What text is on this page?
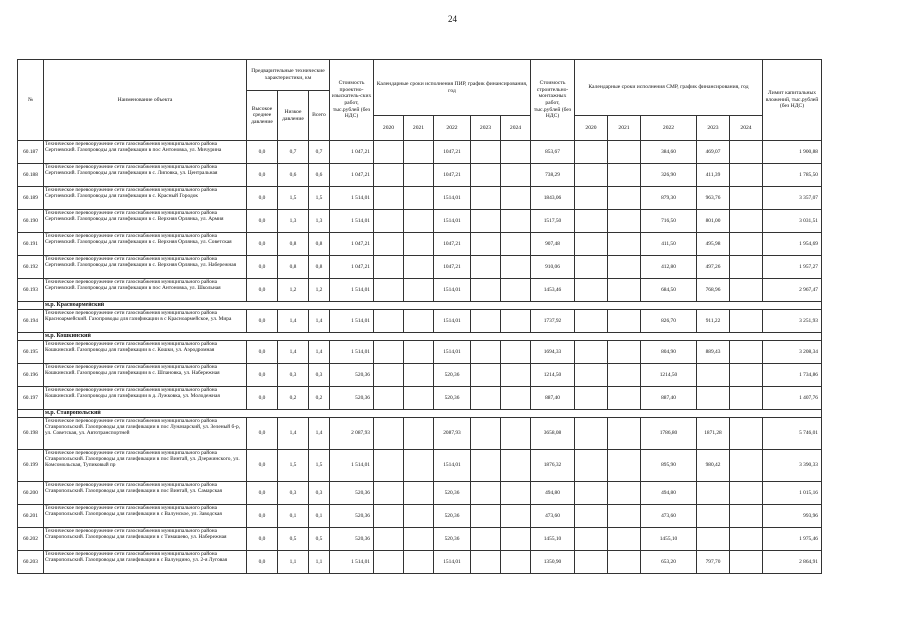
24
№	Наименование объекта	Предварительные технические характеристики, км			Стоимость проектно-изыскатель-ских работ, тыс.рублей (без НДС)	Календарные сроки исполнения ПИР, график финансирования, год					Стоимость строительно-монтажных работ, тыс.рублей (без НДС)	Календарные сроки исполнения СМР, график финансирования, год					Лимит капитальных вложений, тыс.рублей (без НДС)
		Высокое среднее давление	Низкое давление	Всего													
						2020	2021	2022	2023	2024		2020	2021	2022	2023	2024	
60.187	Техническое перевооружение сети газоснабжения муниципального района Сергиевский. Газопроводы для газификации в пос Антоновка, ул. Мичурина	0,0	0,7	0,7	1 047,21			1047,21			853,67			384,60	469,07		1 900,88
60.188	Техническое перевооружение сети газоснабжения муниципального района Сергиевский. Газопроводы для газификации в с. Липовка, ул. Центральная	0,0	0,6	0,6	1 047,21			1047,21			738,29			326,90	411,39		1 785,50
60.189	Техническое перевооружение сети газоснабжения муниципального района Сергиевский. Газопроводы для газификации в с. Красный Городок	0,0	1,5	1,5	1 514,01			1514,01			1843,06			879,30	963,76		3 357,07
60.190	Техническое перевооружение сети газоснабжения муниципального района Сергиевский. Газопроводы для газификации в с. Верхняя Орлянка, ул. Армия	0,0	1,3	1,3	1 514,01			1514,01			1517,50			716,50	801,00		3 031,51
60.191	Техническое перевооружение сети газоснабжения муниципального района Сергиевский. Газопроводы для газификации в с. Верхняя Орлянка, ул. Советская	0,0	0,8	0,8	1 047,21			1047,21			907,48			411,50	495,98		1 954,69
60.192	Техническое перевооружение сети газоснабжения муниципального района Сергиевский. Газопроводы для газификации в с. Верхняя Орлянка, ул. Набережная	0,0	0,8	0,8	1 047,21			1047,21			910,06			412,80	497,26		1 957,27
60.193	Техническое перевооружение сети газоснабжения муниципального района Сергиевский. Газопроводы для газификации в пос Антоновка, ул. Школьная	0,0	1,2	1,2	1 514,01			1514,01			1453,46			684,50	768,96		2 967,47
	м.р. Красноармейский																
60.194	Техническое перевооружение сети газоснабжения муниципального района Красноармейский. Газопроводы для газификации в с Красноармейское, ул. Мира	0,0	1,4	1,4	1 514,01			1514,01			1737,92			826,70	911,22		3 251,93
	м.р. Кошкинский																
60.195	Техническое перевооружение сети газоснабжения муниципального района Кошкинский. Газопроводы для газификации в с. Кошки, ул. Аэродромная	0,0	1,4	1,4	1 514,01			1514,01			1694,33			804,90	889,43		3 208,34
60.196	Техническое перевооружение сети газоснабжения муниципального района Кошкинский. Газопроводы для газификации в с. Шпановка, ул. Набережная	0,0	0,3	0,3	520,36			520,36			1214,50			1214,50			1 734,86
60.197	Техническое перевооружение сети газоснабжения муниципального района Кошкинский. Газопроводы для газификации в д. Лужковка, ул. Молодежная	0,0	0,2	0,2	520,36			520,36			887,40			887,40			1 407,76
	м.р. Ставропольский																
60.198	Техническое перевооружение сети газоснабжения муниципального района Ставропольский. Газопроводы для газификации в пос Луначарский, ул. Зеленый б-р, ул. Советская, ул. Автотранспортней	0,0	1,4	1,4	2 087,93			2087,93			3658,08			1786,80	1871,28		5 746,01
60.199	Техническое перевооружение сети газоснабжения муниципального района Ставропольский. Газопроводы для газификации в пос Винтай, ул. Дзержинского, ул. Комсомольская, Тупиковый пр	0,0	1,5	1,5	1 514,01			1514,01			1876,32			895,90	980,42		3 390,33
60.200	Техническое перевооружение сети газоснабжения муниципального района Ставропольский. Газопроводы для газификации в пос Винтай, ул. Самарская	0,0	0,3	0,3	520,36			520,36			494,80			494,80			1 015,16
60.201	Техническое перевооружение сети газоснабжения муниципального района Ставропольский. Газопроводы для газификации в с Валунское, ул. Заводская	0,0	0,1	0,1	520,36			520,36			473,60			473,60			993,96
60.202	Техническое перевооружение сети газоснабжения муниципального района Ставропольский. Газопроводы для газификации в с Тимашево, ул. Набережная	0,0	0,5	0,5	520,36			520,36			1455,10			1455,10			1 975,46
60.203	Техническое перевооружение сети газоснабжения муниципального района Ставропольский. Газопроводы для газификации в с Валундино, ул. 2-я Луговая	0,0	1,1	1,1	1 514,01			1514,01			1350,90			653,20	797,70		2 864,91
